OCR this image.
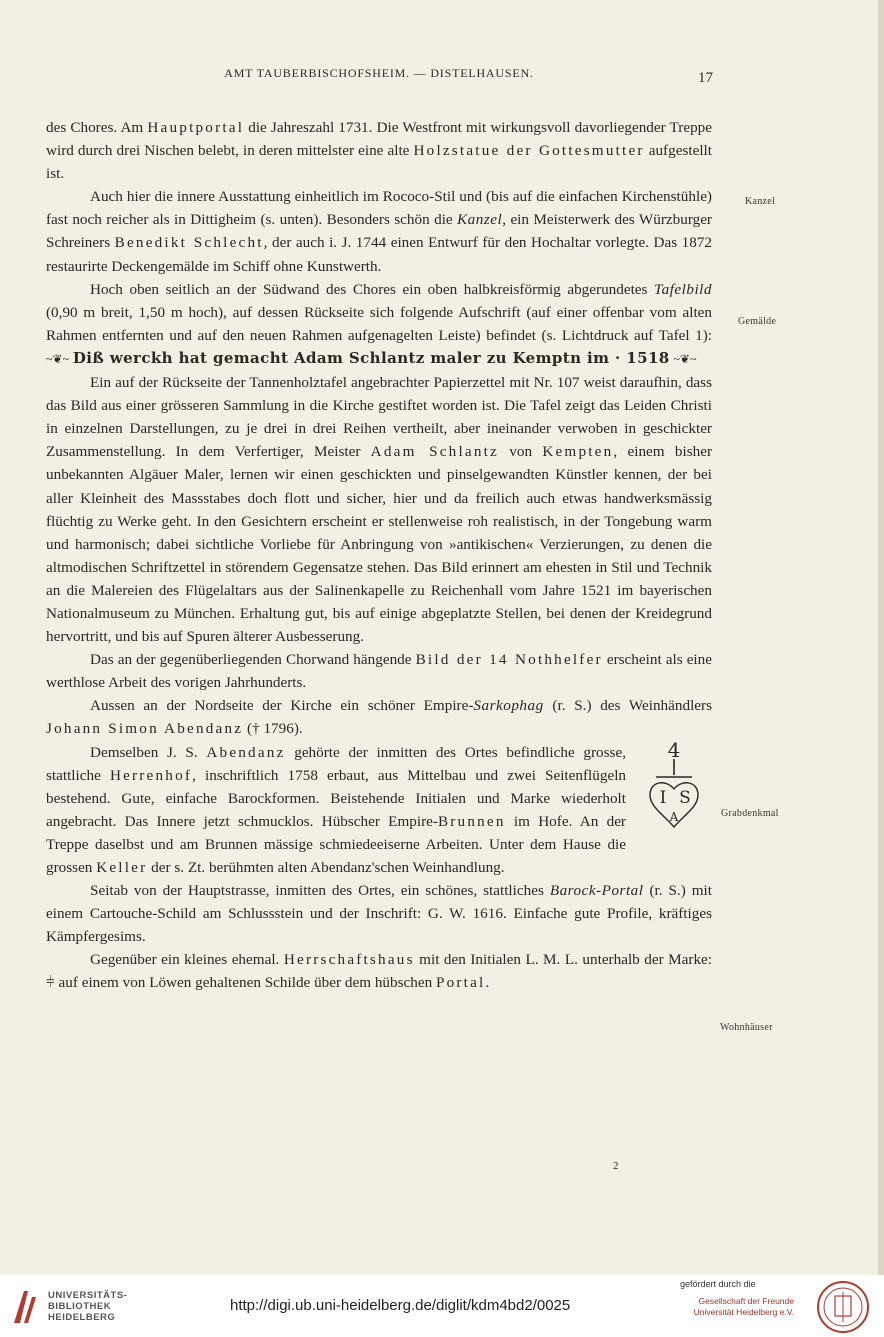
AMT TAUBERBISCHOFSHEIM. — DISTELHAUSEN.	17
Kanzel
Gemälde
Grabdenkmal
Wohnhäuser

des Chores. Am Hauptportal die Jahreszahl 1731. Die Westfront mit wirkungsvoll davorliegender Treppe wird durch drei Nischen belebt, in deren mittelster eine alte Holzstatue der Gottesmutter aufgestellt ist.

Auch hier die innere Ausstattung einheitlich im Rococo-Stil und (bis auf die einfachen Kirchenstühle) fast noch reicher als in Dittigheim (s. unten). Besonders schön die Kanzel, ein Meisterwerk des Würzburger Schreiners Benedikt Schlecht, der auch i. J. 1744 einen Entwurf für den Hochaltar vorlegte. Das 1872 restaurirte Deckengemälde im Schiff ohne Kunstwerth.

Hoch oben seitlich an der Südwand des Chores ein oben halbkreisförmig abgerundetes Tafelbild (0,90 m breit, 1,50 m hoch), auf dessen Rückseite sich folgende Aufschrift (auf einer offenbar vom alten Rahmen entfernten und auf den neuen Rahmen aufgenagelten Leiste) befindet (s. Lichtdruck auf Tafel 1): ~❦~ Diß werckh hat gemacht Adam Schlantz maler zu Kemptn im · 1518 ~❦~

Ein auf der Rückseite der Tannenholztafel angebrachter Papierzettel mit Nr. 107 weist daraufhin, dass das Bild aus einer grösseren Sammlung in die Kirche gestiftet worden ist. Die Tafel zeigt das Leiden Christi in einzelnen Darstellungen, zu je drei in drei Reihen vertheilt, aber ineinander verwoben in geschickter Zusammenstellung. In dem Verfertiger, Meister Adam Schlantz von Kempten, einem bisher unbekannten Algäuer Maler, lernen wir einen geschickten und pinselgewandten Künstler kennen, der bei aller Kleinheit des Massstabes doch flott und sicher, hier und da freilich auch etwas handwerksmässig flüchtig zu Werke geht. In den Gesichtern erscheint er stellenweise roh realistisch, in der Tongebung warm und harmonisch; dabei sichtliche Vorliebe für Anbringung von »antikischen« Verzierungen, zu denen die altmodischen Schriftzettel in störendem Gegensatze stehen. Das Bild erinnert am ehesten in Stil und Technik an die Malereien des Flügelaltars aus der Salinenkapelle zu Reichenhall vom Jahre 1521 im bayerischen Nationalmuseum zu München. Erhaltung gut, bis auf einige abgeplatzte Stellen, bei denen der Kreidegrund hervortritt, und bis auf Spuren älterer Ausbesserung.

Das an der gegenüberliegenden Chorwand hängende Bild der 14 Nothhelfer erscheint als eine werthlose Arbeit des vorigen Jahrhunderts.

Aussen an der Nordseite der Kirche ein schöner Empire-Sarkophag (r. S.) des Weinhändlers Johann Simon Abendanz († 1796).

4
I S
A
Demselben J. S. Abendanz gehörte der inmitten des Ortes befindliche grosse, stattliche Herrenhof, inschriftlich 1758 erbaut, aus Mittelbau und zwei Seitenflügeln bestehend. Gute, einfache Barockformen. Beistehende Initialen und Marke wiederholt angebracht. Das Innere jetzt schmucklos. Hübscher Empire-Brunnen im Hofe. An der Treppe daselbst und am Brunnen mässige schmiedeeiserne Arbeiten. Unter dem Hause die grossen Keller der s. Zt. berühmten alten Abendanz'schen Weinhandlung.

Seitab von der Hauptstrasse, inmitten des Ortes, ein schönes, stattliches Barock-Portal (r. S.) mit einem Cartouche-Schild am Schlussstein und der Inschrift: G. W. 1616. Einfache gute Profile, kräftiges Kämpfergesims.

Gegenüber ein kleines ehemal. Herrschaftshaus mit den Initialen L. M. L. unterhalb der Marke: ⫩ auf einem von Löwen gehaltenen Schilde über dem hübschen Portal.

2
UNIVERSITÄTS-
BIBLIOTHEK
HEIDELBERG
http://digi.ub.uni-heidelberg.de/diglit/kdm4bd2/0025
gefördert durch die
Gesellschaft der Freunde
Universität Heidelberg e.V.
